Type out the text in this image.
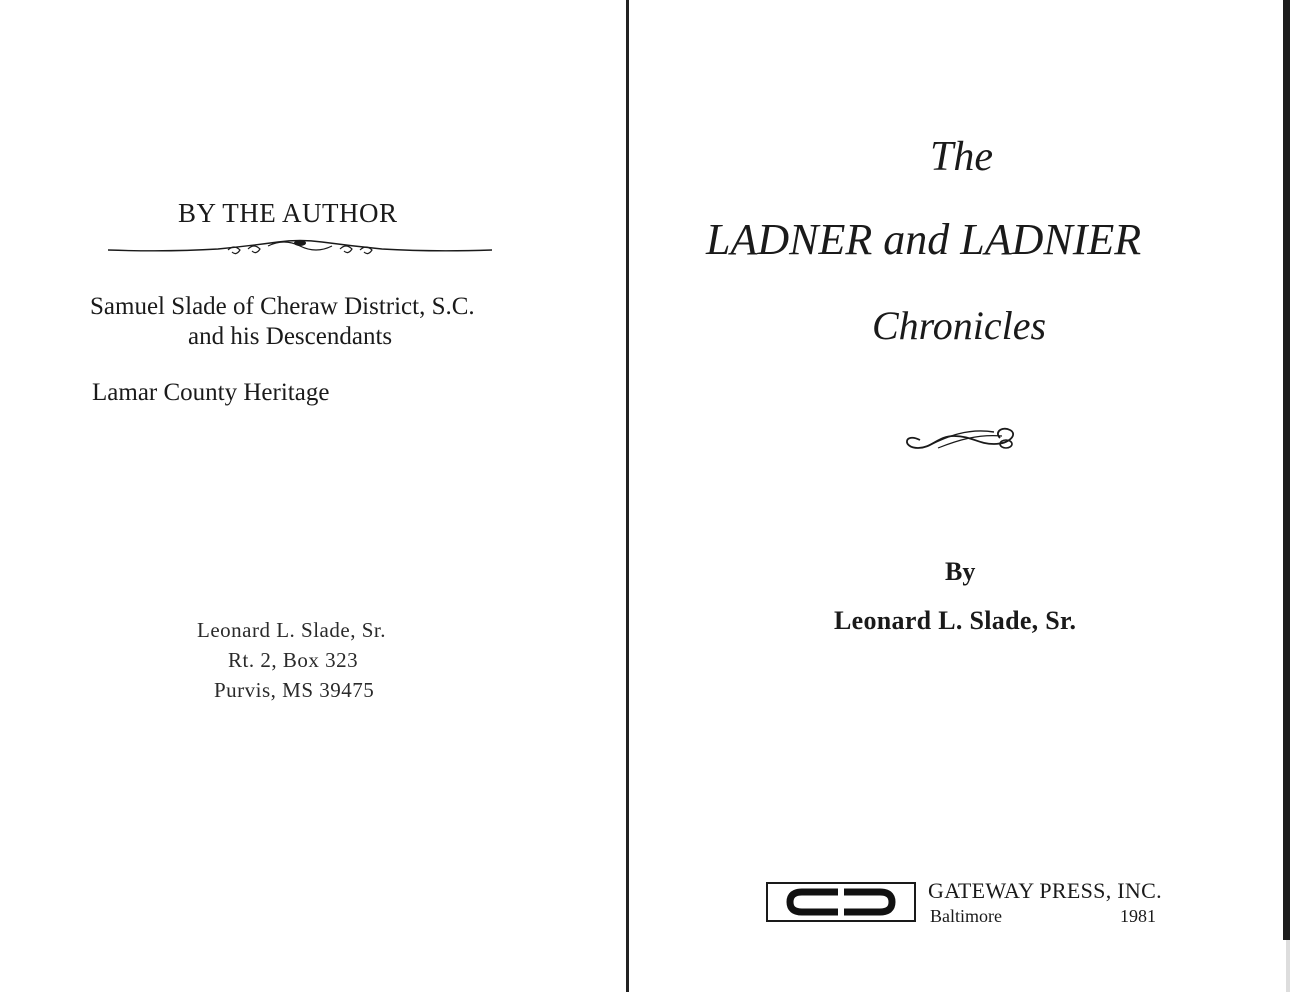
BY THE AUTHOR
Samuel Slade of Cheraw District, S.C.
and his Descendants
Lamar County Heritage
Leonard L. Slade, Sr.
Rt. 2, Box 323
Purvis, MS 39475
The
LADNER and LADNIER
Chronicles
By
Leonard L. Slade, Sr.
GATEWAY PRESS, INC.
Baltimore	1981
